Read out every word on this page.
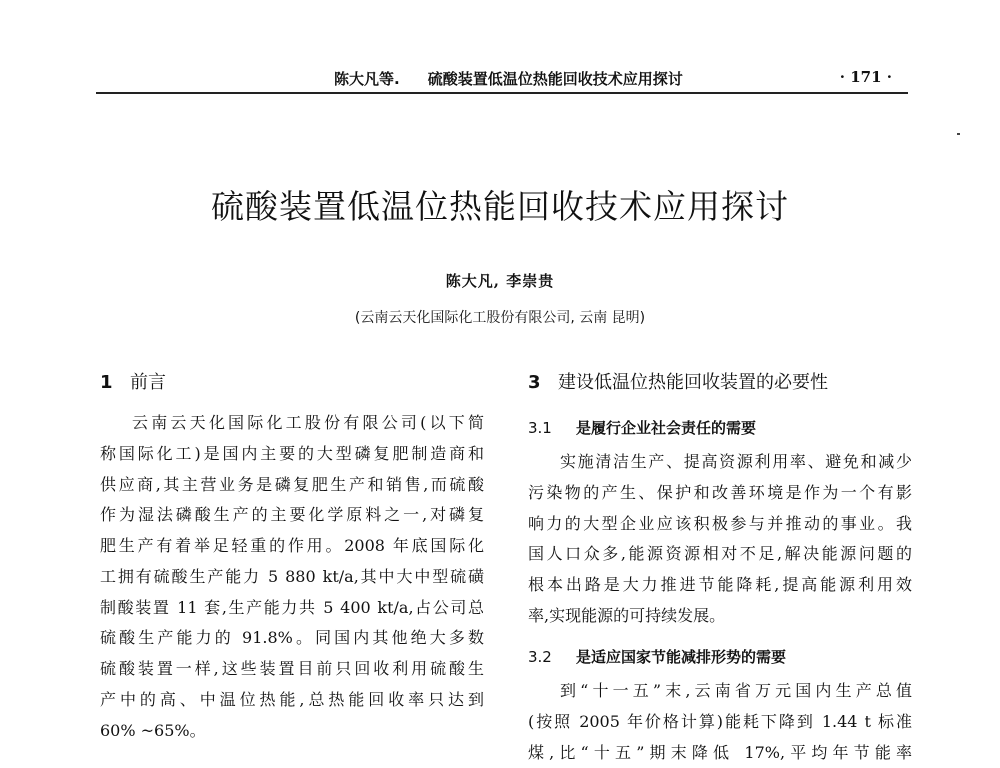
陈大凡等. 硫酸装置低温位热能回收技术应用探讨	· 171 ·
硫酸装置低温位热能回收技术应用探讨
陈大凡, 李崇贵
(云南云天化国际化工股份有限公司, 云南 昆明)
1 前言
云南云天化国际化工股份有限公司(以下简
称国际化工)是国内主要的大型磷复肥制造商和
供应商,其主营业务是磷复肥生产和销售,而硫酸
作为湿法磷酸生产的主要化学原料之一,对磷复
肥生产有着举足轻重的作用。2008 年底国际化
工拥有硫酸生产能力 5 880 kt/a,其中大中型硫磺
制酸装置 11 套,生产能力共 5 400 kt/a,占公司总
硫酸生产能力的 91.8%。同国内其他绝大多数
硫酸装置一样,这些装置目前只回收利用硫酸生
产中的高、中温位热能,总热能回收率只达到
60% ~65%。
3 建设低温位热能回收装置的必要性
3.1 是履行企业社会责任的需要
实施清洁生产、提高资源利用率、避免和减少
污染物的产生、保护和改善环境是作为一个有影
响力的大型企业应该积极参与并推动的事业。我
国人口众多,能源资源相对不足,解决能源问题的
根本出路是大力推进节能降耗,提高能源利用效
率,实现能源的可持续发展。
3.2 是适应国家节能减排形势的需要
到“十一五”末,云南省万元国内生产总值
(按照 2005 年价格计算)能耗下降到 1.44 t 标准
煤,比“十五”期末降低 17%,平均年节能率
